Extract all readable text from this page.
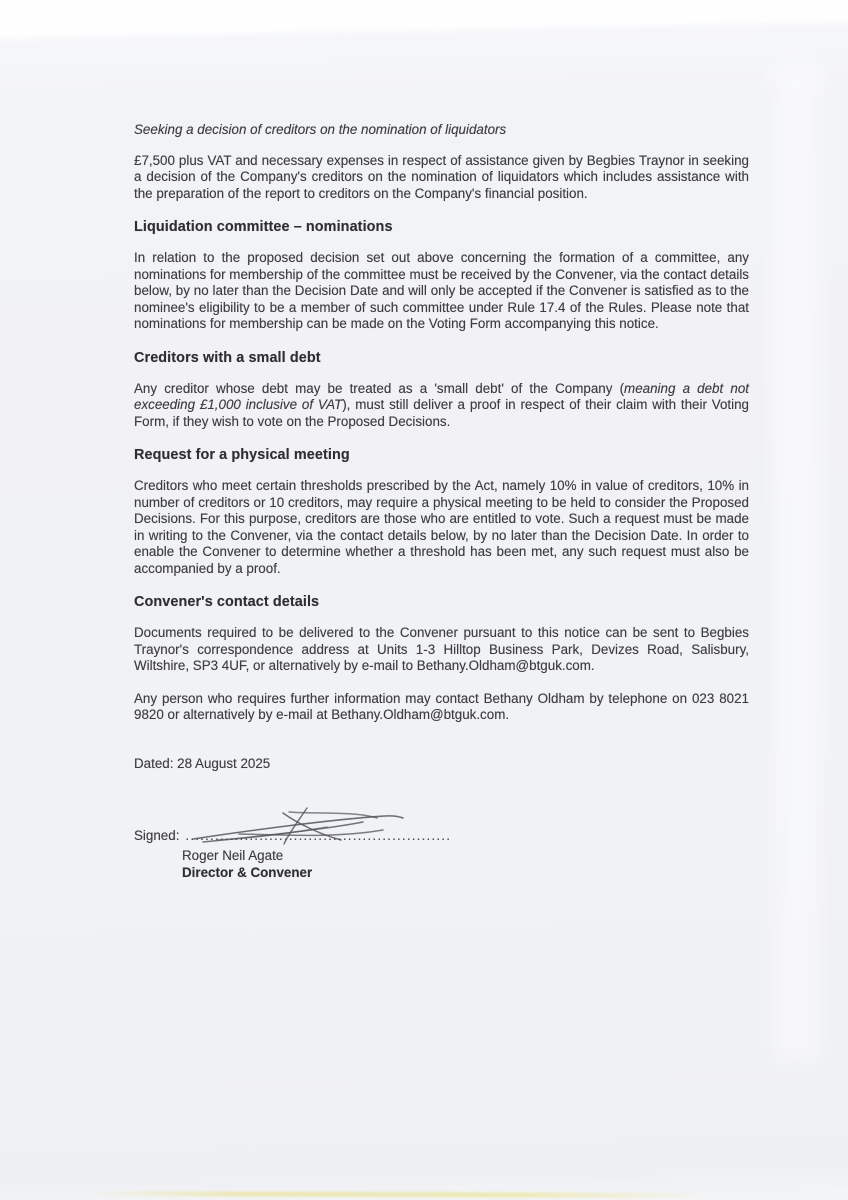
Seeking a decision of creditors on the nomination of liquidators

£7,500 plus VAT and necessary expenses in respect of assistance given by Begbies Traynor in seeking a decision of the Company's creditors on the nomination of liquidators which includes assistance with the preparation of the report to creditors on the Company's financial position.

Liquidation committee – nominations

In relation to the proposed decision set out above concerning the formation of a committee, any nominations for membership of the committee must be received by the Convener, via the contact details below, by no later than the Decision Date and will only be accepted if the Convener is satisfied as to the nominee's eligibility to be a member of such committee under Rule 17.4 of the Rules. Please note that nominations for membership can be made on the Voting Form accompanying this notice.

Creditors with a small debt

Any creditor whose debt may be treated as a 'small debt' of the Company (meaning a debt not exceeding £1,000 inclusive of VAT), must still deliver a proof in respect of their claim with their Voting Form, if they wish to vote on the Proposed Decisions.

Request for a physical meeting

Creditors who meet certain thresholds prescribed by the Act, namely 10% in value of creditors, 10% in number of creditors or 10 creditors, may require a physical meeting to be held to consider the Proposed Decisions. For this purpose, creditors are those who are entitled to vote. Such a request must be made in writing to the Convener, via the contact details below, by no later than the Decision Date. In order to enable the Convener to determine whether a threshold has been met, any such request must also be accompanied by a proof.

Convener's contact details

Documents required to be delivered to the Convener pursuant to this notice can be sent to Begbies Traynor's correspondence address at Units 1-3 Hilltop Business Park, Devizes Road, Salisbury, Wiltshire, SP3 4UF, or alternatively by e-mail to Bethany.Oldham@btguk.com.

Any person who requires further information may contact Bethany Oldham by telephone on 023 8021 9820 or alternatively by e-mail at Bethany.Oldham@btguk.com.

Dated: 28 August 2025
Signed: ......................................................
Roger Neil Agate
Director & Convener
